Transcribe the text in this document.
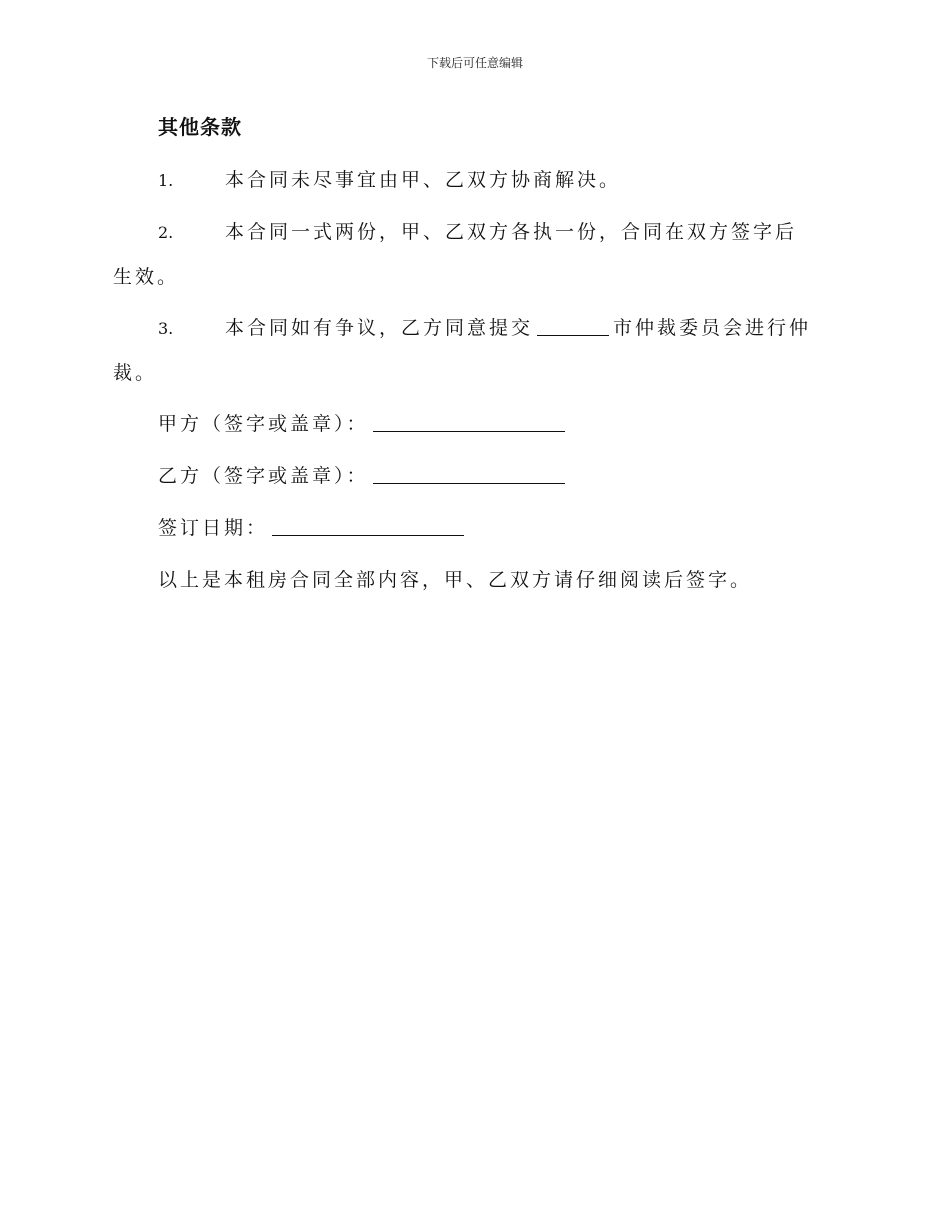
下载后可任意编辑
其他条款
1.	本合同未尽事宜由甲、乙双方协商解决。
2.	本合同一式两份，甲、乙双方各执一份，合同在双方签字后生效。
3.	本合同如有争议，乙方同意提交	市仲裁委员会进行仲裁。
甲方（签字或盖章）：
乙方（签字或盖章）：
签订日期：
以上是本租房合同全部内容，甲、乙双方请仔细阅读后签字。
